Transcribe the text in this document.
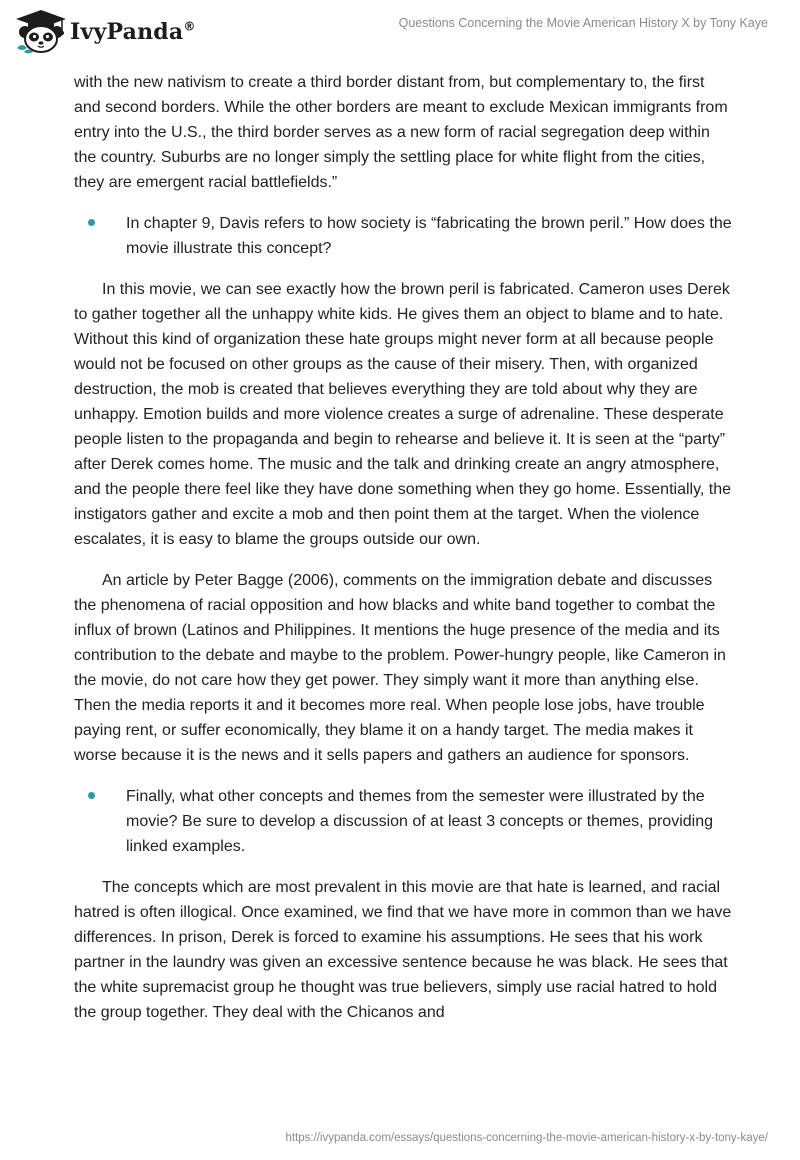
IvyPanda®	Questions Concerning the Movie American History X by Tony Kaye

with the new nativism to create a third border distant from, but complementary to, the first and second borders. While the other borders are meant to exclude Mexican immigrants from entry into the U.S., the third border serves as a new form of racial segregation deep within the country. Suburbs are no longer simply the settling place for white flight from the cities, they are emergent racial battlefields.”

In chapter 9, Davis refers to how society is “fabricating the brown peril.” How does the movie illustrate this concept?

In this movie, we can see exactly how the brown peril is fabricated. Cameron uses Derek to gather together all the unhappy white kids. He gives them an object to blame and to hate. Without this kind of organization these hate groups might never form at all because people would not be focused on other groups as the cause of their misery. Then, with organized destruction, the mob is created that believes everything they are told about why they are unhappy. Emotion builds and more violence creates a surge of adrenaline. These desperate people listen to the propaganda and begin to rehearse and believe it. It is seen at the “party” after Derek comes home. The music and the talk and drinking create an angry atmosphere, and the people there feel like they have done something when they go home. Essentially, the instigators gather and excite a mob and then point them at the target. When the violence escalates, it is easy to blame the groups outside our own.

An article by Peter Bagge (2006), comments on the immigration debate and discusses the phenomena of racial opposition and how blacks and white band together to combat the influx of brown (Latinos and Philippines. It mentions the huge presence of the media and its contribution to the debate and maybe to the problem. Power-hungry people, like Cameron in the movie, do not care how they get power. They simply want it more than anything else. Then the media reports it and it becomes more real. When people lose jobs, have trouble paying rent, or suffer economically, they blame it on a handy target. The media makes it worse because it is the news and it sells papers and gathers an audience for sponsors.

Finally, what other concepts and themes from the semester were illustrated by the movie? Be sure to develop a discussion of at least 3 concepts or themes, providing linked examples.

The concepts which are most prevalent in this movie are that hate is learned, and racial hatred is often illogical. Once examined, we find that we have more in common than we have differences. In prison, Derek is forced to examine his assumptions. He sees that his work partner in the laundry was given an excessive sentence because he was black. He sees that the white supremacist group he thought was true believers, simply use racial hatred to hold the group together. They deal with the Chicanos and

https://ivypanda.com/essays/questions-concerning-the-movie-american-history-x-by-tony-kaye/
